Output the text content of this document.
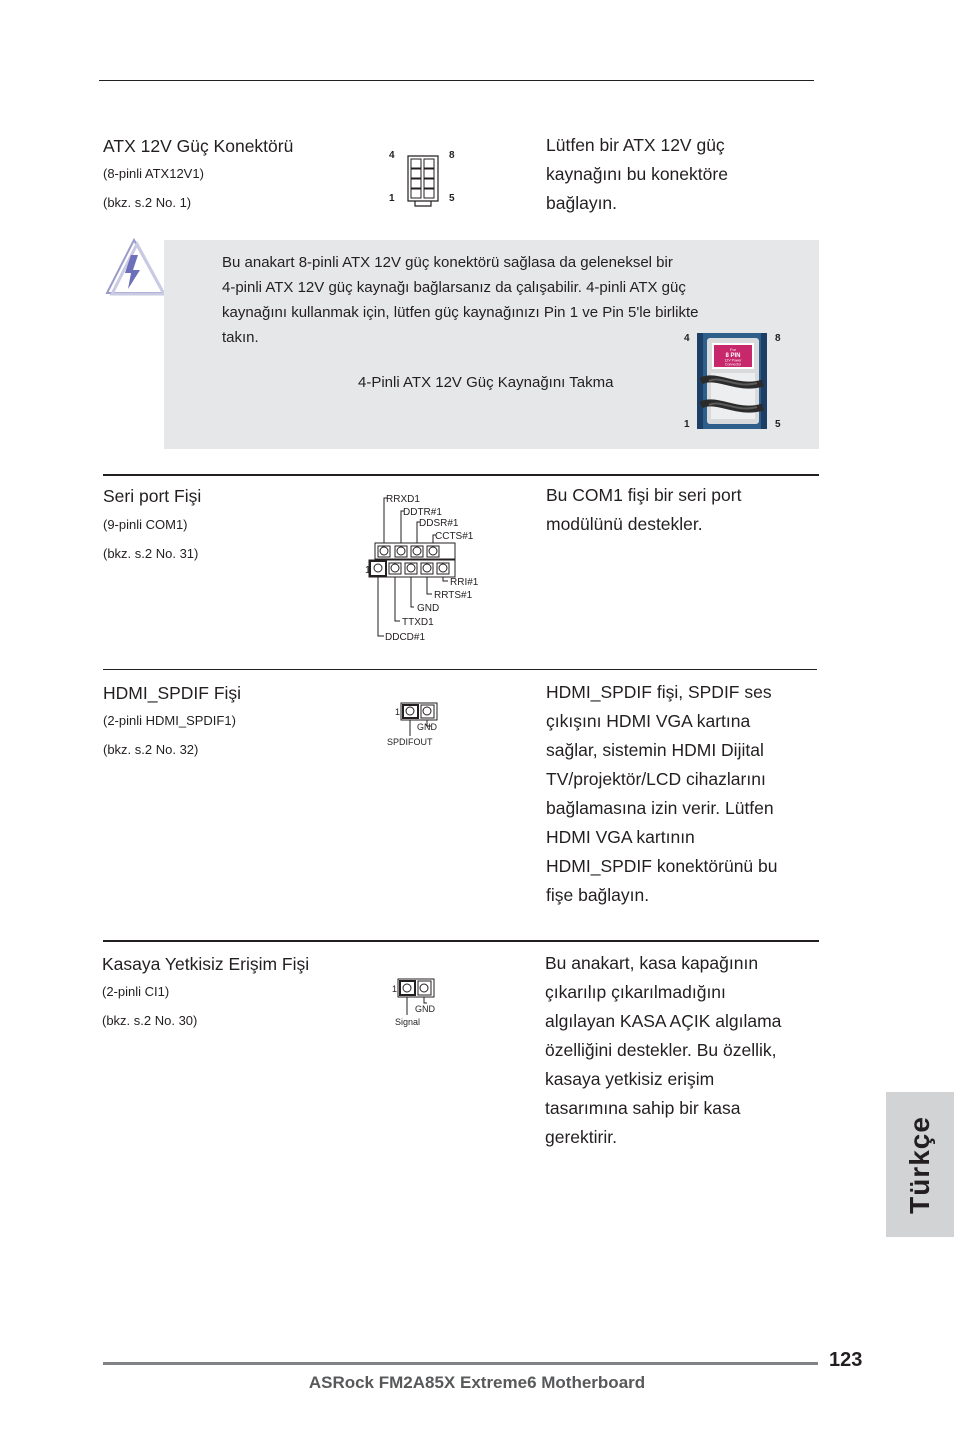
ATX 12V Güç Konektörü
(8-pinli ATX12V1)
(bkz. s.2 No. 1)
Lütfen bir ATX 12V güç
kaynağını bu konektöre
bağlayın.
4	8
1	5
Bu anakart 8-pinli ATX 12V güç konektörü sağlasa da geleneksel bir
4-pinli ATX 12V güç kaynağı bağlarsanız da çalışabilir. 4-pinli ATX güç
kaynağını kullanmak için, lütfen güç kaynağınızı Pin 1 ve Pin 5'le birlikte
takın.
4-Pinli ATX 12V Güç Kaynağını Takma
4	8
1	5
For
8 PIN
12V Power
Connector
Seri port Fişi
(9-pinli COM1)
(bkz. s.2 No. 31)
Bu COM1 fişi bir seri port
modülünü destekler.
RRXD1
DDTR#1
DDSR#1
CCTS#1
1
RRI#1
RRTS#1
GND
TTXD1
DDCD#1
HDMI_SPDIF Fişi
(2-pinli HDMI_SPDIF1)
(bkz. s.2 No. 32)
HDMI_SPDIF fişi, SPDIF ses
çıkışını HDMI VGA kartına
sağlar, sistemin HDMI Dijital
TV/projektör/LCD cihazlarını
bağlamasına izin verir. Lütfen
HDMI VGA kartının
HDMI_SPDIF konektörünü bu
fişe bağlayın.
1
GND
SPDIFOUT
Kasaya Yetkisiz Erişim Fişi
(2-pinli CI1)
(bkz. s.2 No. 30)
Bu anakart, kasa kapağının
çıkarılıp çıkarılmadığını
algılayan KASA AÇIK algılama
özelliğini destekler. Bu özellik,
kasaya yetkisiz erişim
tasarımına sahip bir kasa
gerektirir.
1
GND
Signal
Türkçe
123
ASRock FM2A85X Extreme6 Motherboard
